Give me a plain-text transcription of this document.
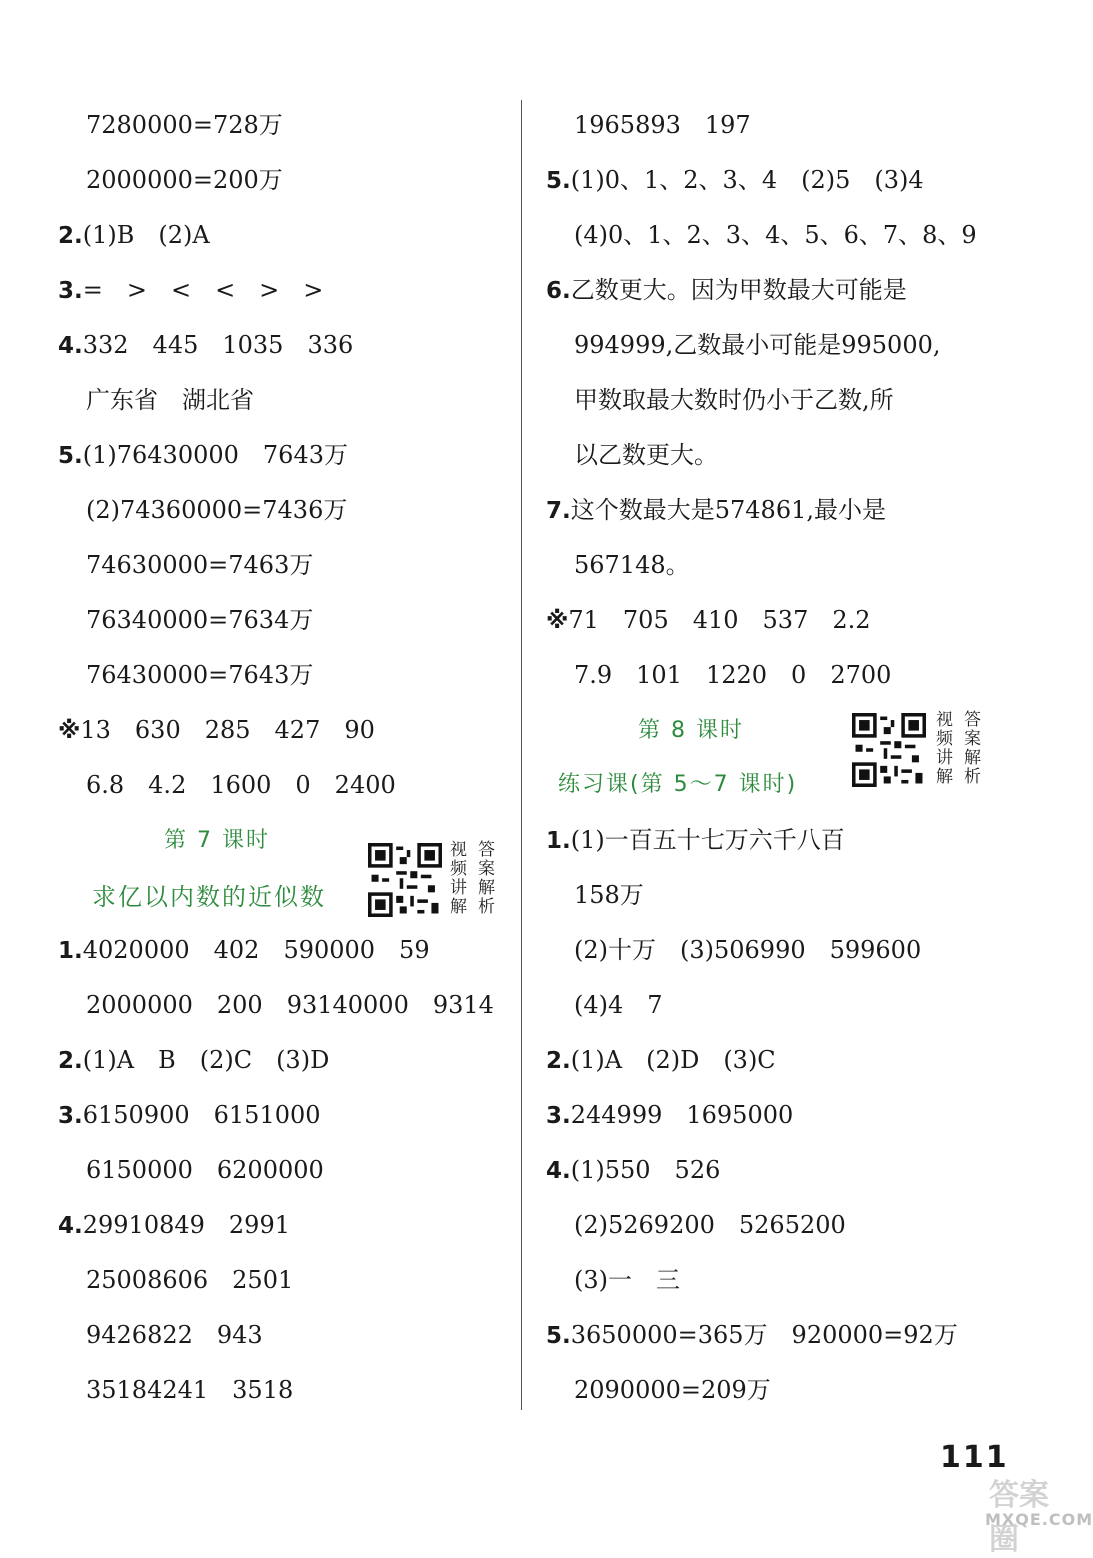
7280000=728万
2000000=200万
2.(1)B　(2)A
3.=　>　<　<　>　>
4.332　445　1035　336
广东省　湖北省
5.(1)76430000　7643万
(2)74360000=7436万
74630000=7463万
76340000=7634万
76430000=7643万
※13　630　285　427　90
6.8　4.2　1600　0　2400
第 7 课时
求亿以内数的近似数
视
频
讲
解
答
案
解
析
1.4020000　402　590000　59
2000000　200　93140000　9314
2.(1)A　B　(2)C　(3)D
3.6150900　6151000
6150000　6200000
4.29910849　2991
25008606　2501
9426822　943
35184241　3518
1965893　197
5.(1)0、1、2、3、4　(2)5　(3)4
(4)0、1、2、3、4、5、6、7、8、9
6.乙数更大。因为甲数最大可能是
994999,乙数最小可能是995000,
甲数取最大数时仍小于乙数,所
以乙数更大。
7.这个数最大是574861,最小是
567148。
※71　705　410　537　2.2
7.9　101　1220　0　2700
第 8 课时
练习课(第 5～7 课时)
视
频
讲
解
答
案
解
析
1.(1)一百五十七万六千八百
158万
(2)十万　(3)506990　599600
(4)4　7
2.(1)A　(2)D　(3)C
3.244999　1695000
4.(1)550　526
(2)5269200　5265200
(3)一　三
5.3650000=365万　920000=92万
2090000=209万
111
答案圈
MXQE.COM
